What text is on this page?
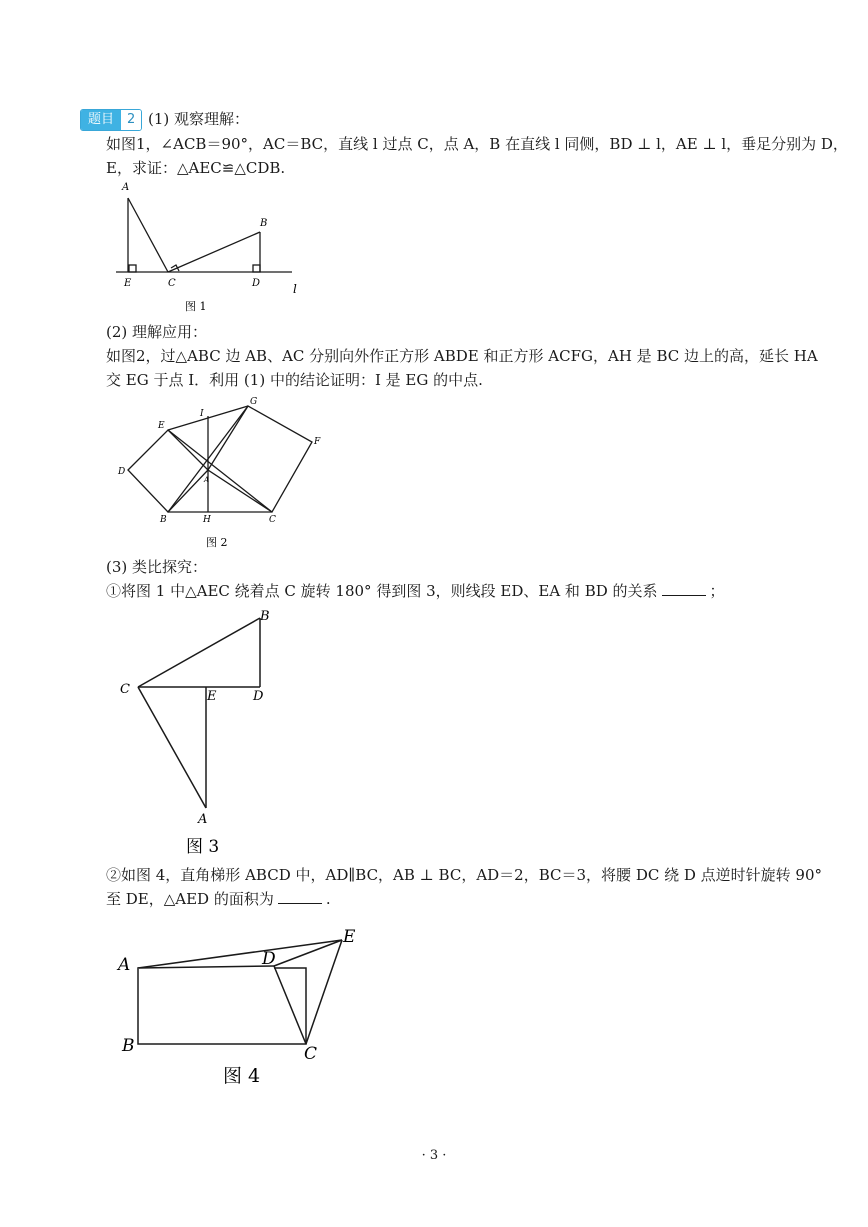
题目	2 (1) 观察理解：
如图1，∠ACB＝90°，AC＝BC，直线 l 过点 C，点 A，B 在直线 l 同侧，BD ⊥ l，AE ⊥ l，垂足分别为 D，
E，求证：△AEC≌△CDB.
A
B
C	D
E	l
图 1
(2) 理解应用：
如图2，过△ABC 边 AB、AC 分别向外作正方形 ABDE 和正方形 ACFG，AH 是 BC 边上的高，延长 HA
交 EG 于点 I．利用 (1) 中的结论证明：I 是 EG 的中点.
I
G
E
F
D
A
B	H	C
图 2
(3) 类比探究：
①将图 1 中△AEC 绕着点 C 旋转 180° 得到图 3，则线段 ED、EA 和 BD 的关系	；
B
C	E	D
A
图 3
②如图 4，直角梯形 ABCD 中，AD∥BC，AB ⊥ BC，AD＝2，BC＝3，将腰 DC 绕 D 点逆时针旋转 90°
至 DE，△AED 的面积为	.
A	D
E
B	C
图 4
· 3 ·
